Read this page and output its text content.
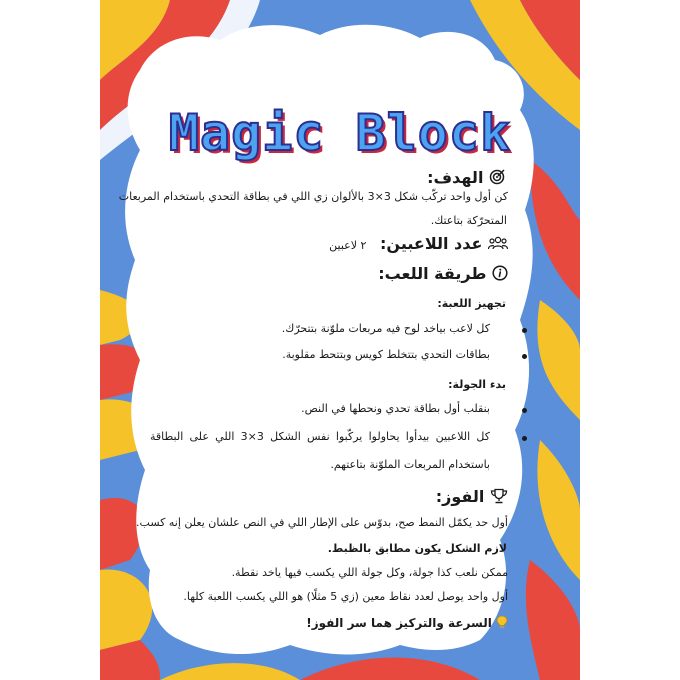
Magic Block
الهدف:
كن أول واحد تركّب شكل 3×3 بالألوان زي اللي في بطاقة التحدي باستخدام المربعات
المتحرّكة بتاعتك.
عدد اللاعبين: ٢ لاعبين
طريقة اللعب:
تجهيز اللعبة:
كل لاعب بياخد لوح فيه مربعات ملوّنة بتتحرّك.
بطاقات التحدي بتتخلط كويس وبتتحط مقلوبة.
بدء الجولة:
بنقلب أول بطاقة تحدي ونحطها في النص.
كل اللاعبين بيدأوا يحاولوا يركّبوا نفس الشكل 3×3 اللي على البطاقة
باستخدام المربعات الملوّنة بتاعتهم.
الفوز:
أول حد يكمّل النمط صح، بدوّس على الإطار اللي في النص علشان يعلن إنه كسب.
لازم الشكل يكون مطابق بالظبط.
ممكن نلعب كذا جولة، وكل جولة اللي يكسب فيها ياخد نقطة.
أول واحد يوصل لعدد نقاط معين (زي 5 مثلًا) هو اللي يكسب اللعبة كلها.
السرعة والتركيز هما سر الفوز!
